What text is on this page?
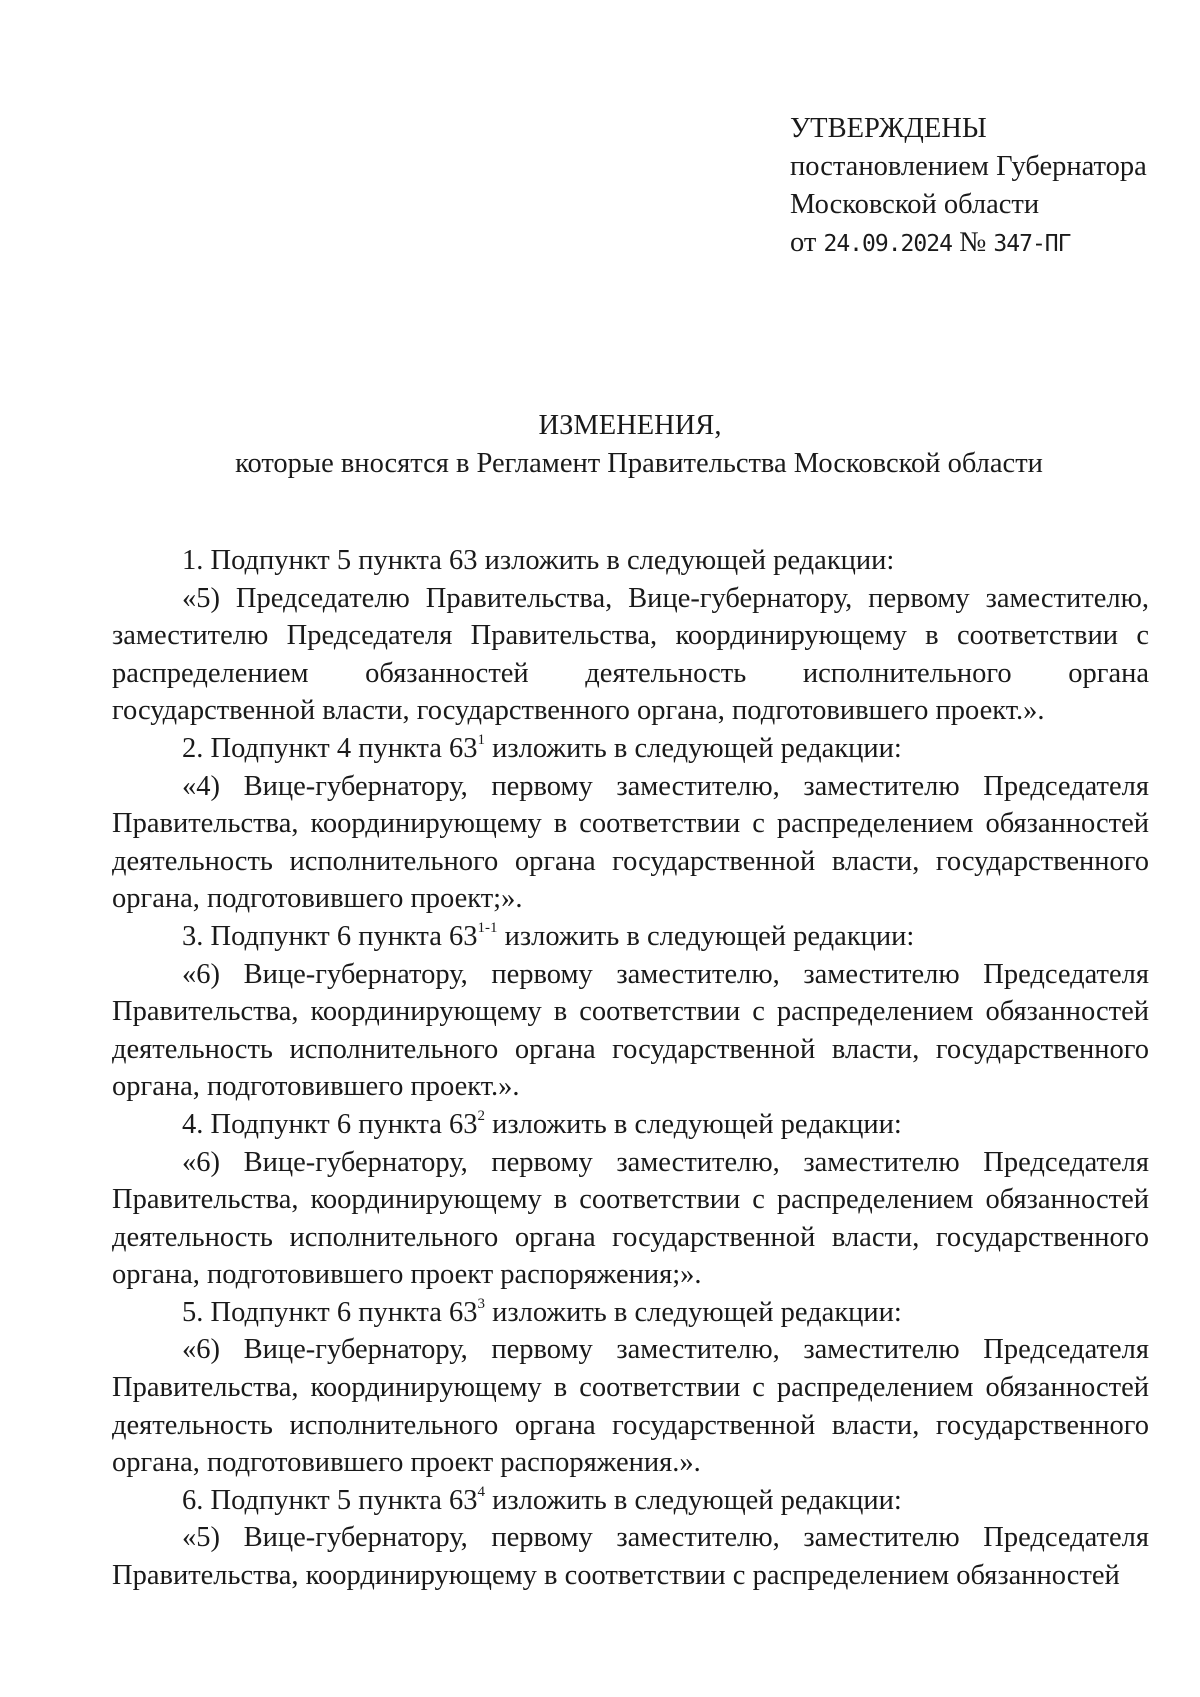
УТВЕРЖДЕНЫ
постановлением Губернатора
Московской области
от 24.09.2024 № 347-ПГ
ИЗМЕНЕНИЯ,
которые вносятся в Регламент Правительства Московской области

1. Подпункт 5 пункта 63 изложить в следующей редакции:

«5) Председателю Правительства, Вице-губернатору, первому заместителю, заместителю Председателя Правительства, координирующему в соответствии с распределением обязанностей деятельность исполнительного органа государственной власти, государственного органа, подготовившего проект.».

2. Подпункт 4 пункта $63^1$ изложить в следующей редакции:

«4) Вице-губернатору, первому заместителю, заместителю Председателя Правительства, координирующему в соответствии с распределением обязанностей деятельность исполнительного органа государственной власти, государственного органа, подготовившего проект;».

3. Подпункт 6 пункта 63$^{1-1}$ изложить в следующей редакции:

«6) Вице-губернатору, первому заместителю, заместителю Председателя Правительства, координирующему в соответствии с распределением обязанностей деятельность исполнительного органа государственной власти, государственного органа, подготовившего проект.».

4. Подпункт 6 пункта $63^2$ изложить в следующей редакции:

«6) Вице-губернатору, первому заместителю, заместителю Председателя Правительства, координирующему в соответствии с распределением обязанностей деятельность исполнительного органа государственной власти, государственного органа, подготовившего проект распоряжения;».

5. Подпункт 6 пункта $63^3$ изложить в следующей редакции:

«6) Вице-губернатору, первому заместителю, заместителю Председателя Правительства, координирующему в соответствии с распределением обязанностей деятельность исполнительного органа государственной власти, государственного органа, подготовившего проект распоряжения.».

6. Подпункт 5 пункта $63^4$ изложить в следующей редакции:

«5) Вице-губернатору, первому заместителю, заместителю Председателя Правительства, координирующему в соответствии с распределением обязанностей
